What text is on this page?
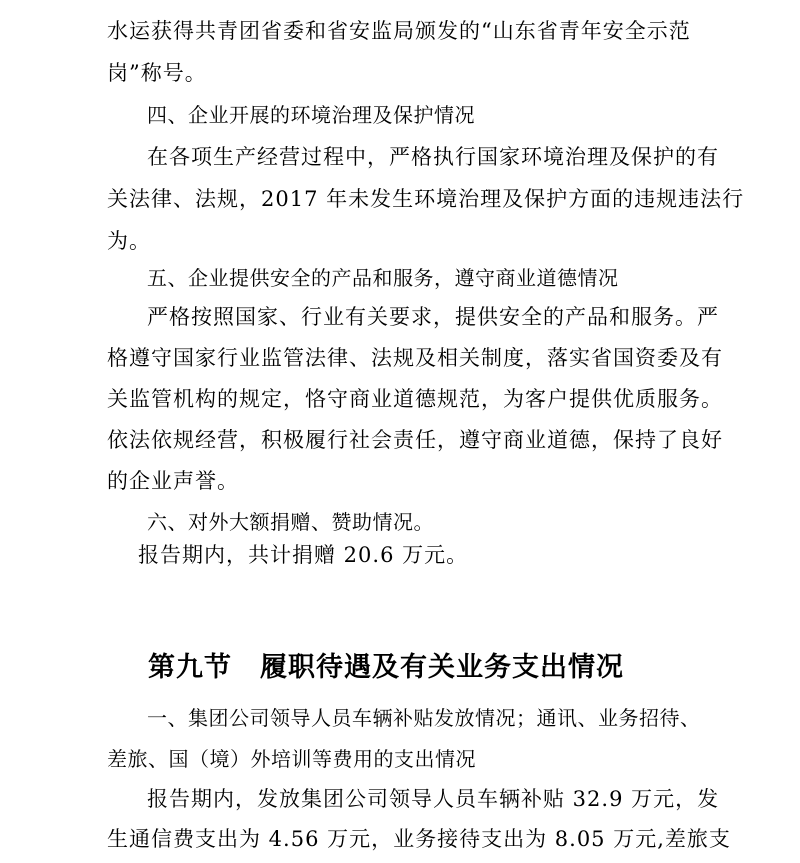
水运获得共青团省委和省安监局颁发的“山东省青年安全示范
岗”称号。
四、企业开展的环境治理及保护情况
在各项生产经营过程中，严格执行国家环境治理及保护的有
关法律、法规，2017 年未发生环境治理及保护方面的违规违法行
为。
五、企业提供安全的产品和服务，遵守商业道德情况
严格按照国家、行业有关要求，提供安全的产品和服务。严
格遵守国家行业监管法律、法规及相关制度，落实省国资委及有
关监管机构的规定，恪守商业道德规范，为客户提供优质服务。
依法依规经营，积极履行社会责任，遵守商业道德，保持了良好
的企业声誉。
六、对外大额捐赠、赞助情况。
报告期内，共计捐赠 20.6 万元。
第九节　履职待遇及有关业务支出情况
一、集团公司领导人员车辆补贴发放情况；通讯、业务招待、
差旅、国（境）外培训等费用的支出情况
报告期内，发放集团公司领导人员车辆补贴 32.9 万元，发
生通信费支出为 4.56 万元，业务接待支出为 8.05 万元,差旅支
